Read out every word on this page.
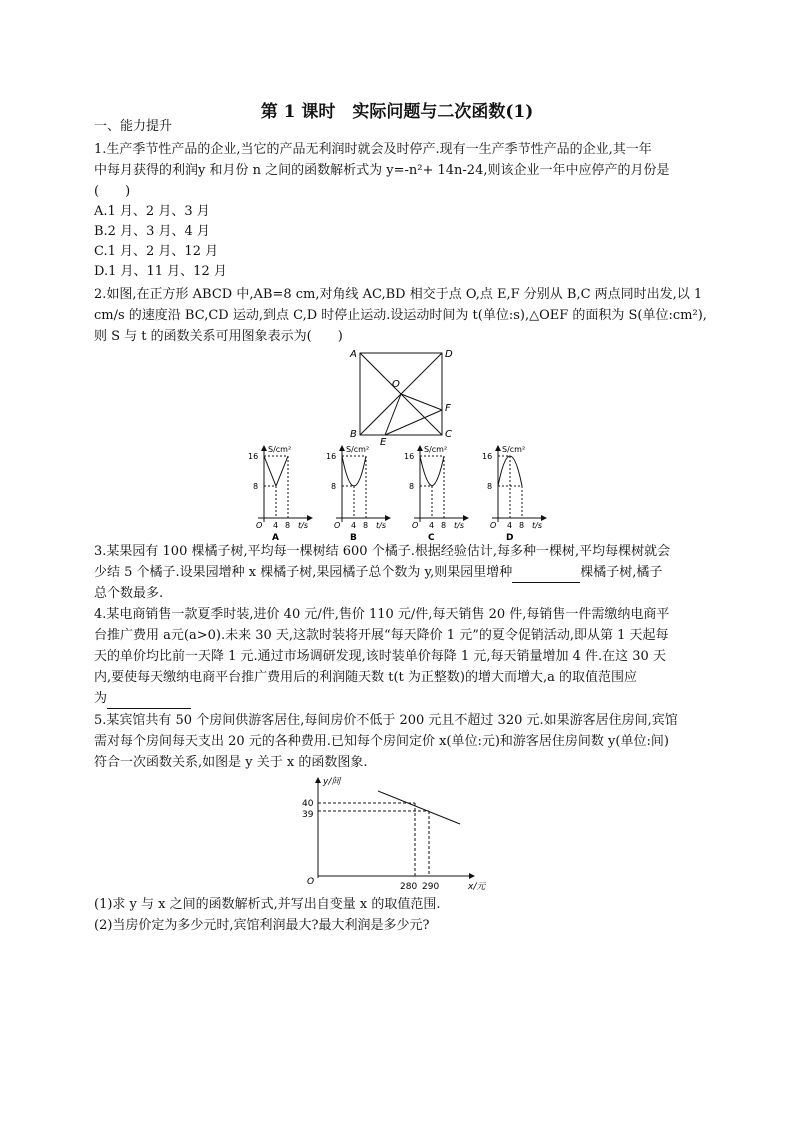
第 1 课时　实际问题与二次函数(1)
一、能力提升
1.生产季节性产品的企业,当它的产品无利润时就会及时停产.现有一生产季节性产品的企业,其一年
中每月获得的利润y 和月份 n 之间的函数解析式为 y=-n²+ 14n-24,则该企业一年中应停产的月份是
(　　)
A.1 月、2 月、3 月
B.2 月、3 月、4 月
C.1 月、2 月、12 月
D.1 月、11 月、12 月
2.如图,在正方形 ABCD 中,AB=8 cm,对角线 AC,BD 相交于点 O,点 E,F 分别从 B,C 两点同时出发,以 1
cm/s 的速度沿 BC,CD 运动,到点 C,D 时停止运动.设运动时间为 t(单位:s),△OEF 的面积为 S(单位:cm²),
则 S 与 t 的函数关系可用图象表示为(　　)
A	D
O
F
B
E
C
S/cm²
16
8
O 4 8 t/s
A
S/cm²
16
8
O 4 8 t/s
B
S/cm²
16
8
O 4 8 t/s
C
S/cm²
16
8
O 4 8 t/s
D
3.某果园有 100 棵橘子树,平均每一棵树结 600 个橘子.根据经验估计,每多种一棵树,平均每棵树就会
少结 5 个橘子.设果园增种 x 棵橘子树,果园橘子总个数为 y,则果园里增种	棵橘子树,橘子
总个数最多.
4.某电商销售一款夏季时装,进价 40 元/件,售价 110 元/件,每天销售 20 件,每销售一件需缴纳电商平
台推广费用 a元(a>0).未来 30 天,这款时装将开展“每天降价 1 元”的夏令促销活动,即从第 1 天起每
天的单价均比前一天降 1 元.通过市场调研发现,该时装单价每降 1 元,每天销量增加 4 件.在这 30 天
内,要使每天缴纳电商平台推广费用后的利润随天数 t(t 为正整数)的增大而增大,a 的取值范围应
为
5.某宾馆共有 50 个房间供游客居住,每间房价不低于 200 元且不超过 320 元.如果游客居住房间,宾馆
需对每个房间每天支出 20 元的各种费用.已知每个房间定价 x(单位:元)和游客居住房间数 y(单位:间)
符合一次函数关系,如图是 y 关于 x 的函数图象.
y/间
40
39
O	280 290	x/元
(1)求 y 与 x 之间的函数解析式,并写出自变量 x 的取值范围.
(2)当房价定为多少元时,宾馆利润最大?最大利润是多少元?
